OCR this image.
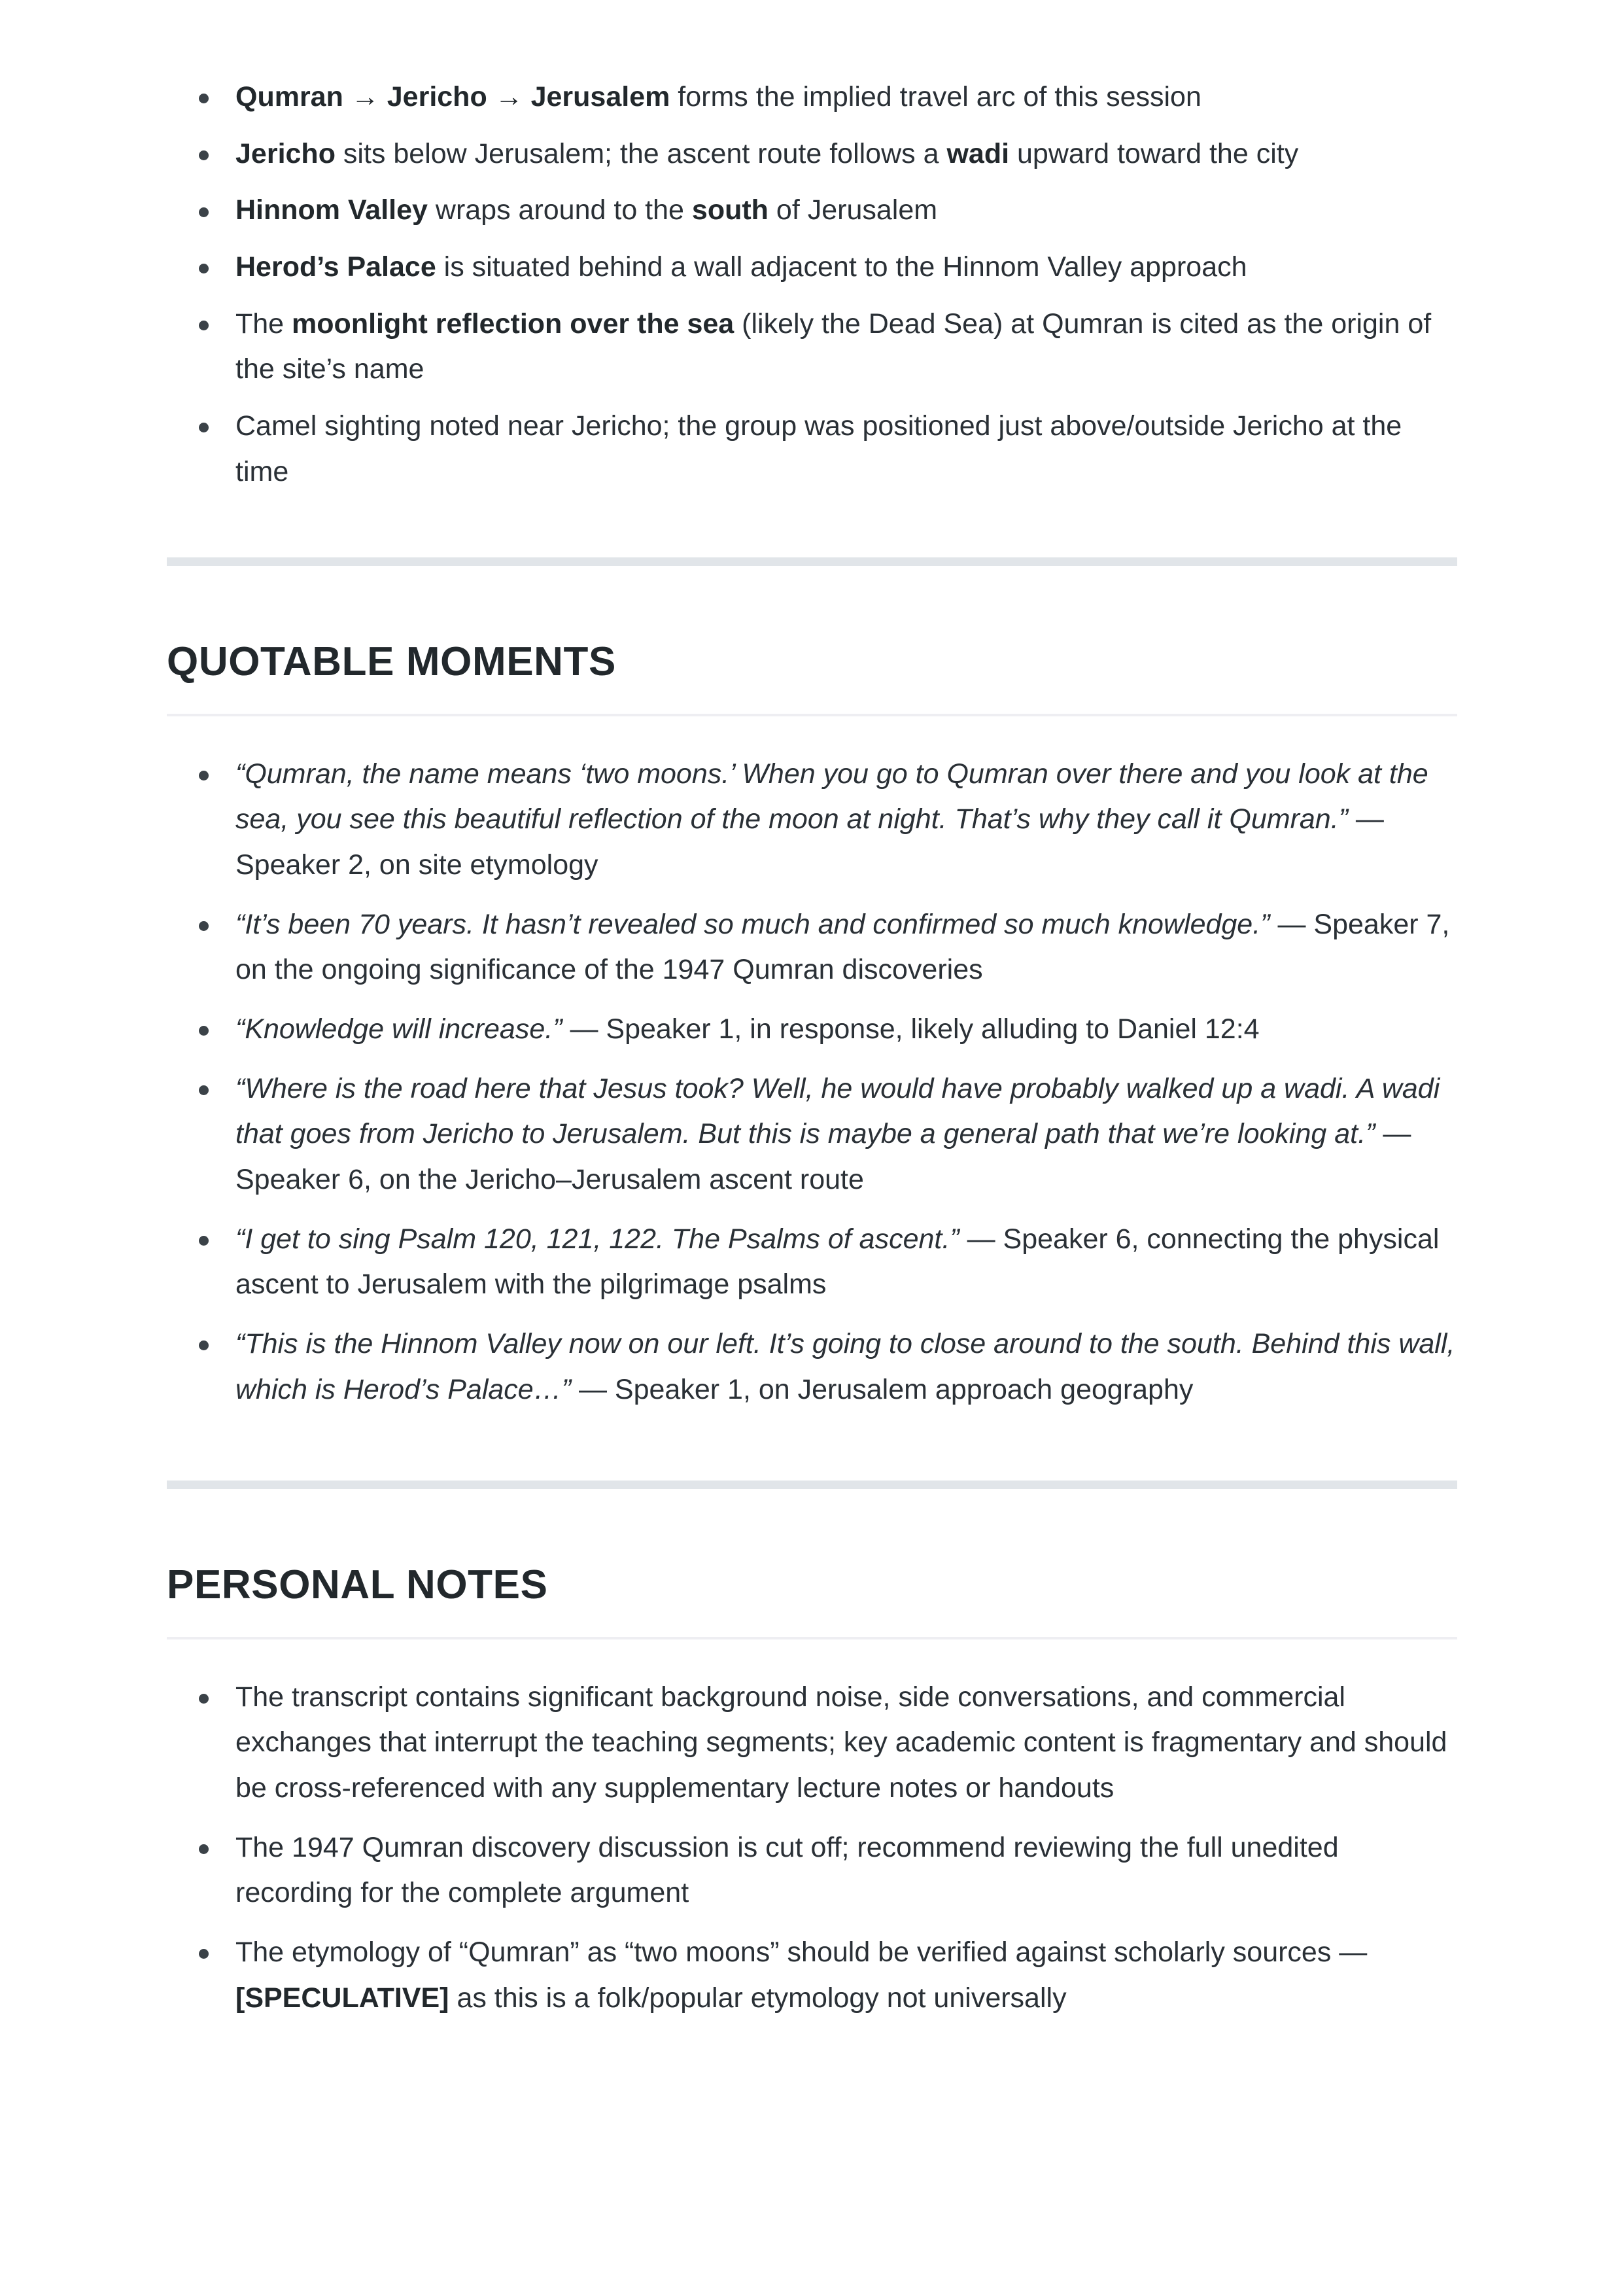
Qumran → Jericho → Jerusalem forms the implied travel arc of this session
Jericho sits below Jerusalem; the ascent route follows a wadi upward toward the city
Hinnom Valley wraps around to the south of Jerusalem
Herod’s Palace is situated behind a wall adjacent to the Hinnom Valley approach
The moonlight reflection over the sea (likely the Dead Sea) at Qumran is cited as the origin of the site’s name
Camel sighting noted near Jericho; the group was positioned just above/outside Jericho at the time
QUOTABLE MOMENTS
“Qumran, the name means ‘two moons.’ When you go to Qumran over there and you look at the sea, you see this beautiful reflection of the moon at night. That’s why they call it Qumran.” — Speaker 2, on site etymology
“It’s been 70 years. It hasn’t revealed so much and confirmed so much knowledge.” — Speaker 7, on the ongoing significance of the 1947 Qumran discoveries
“Knowledge will increase.” — Speaker 1, in response, likely alluding to Daniel 12:4
“Where is the road here that Jesus took? Well, he would have probably walked up a wadi. A wadi that goes from Jericho to Jerusalem. But this is maybe a general path that we’re looking at.” — Speaker 6, on the Jericho–Jerusalem ascent route
“I get to sing Psalm 120, 121, 122. The Psalms of ascent.” — Speaker 6, connecting the physical ascent to Jerusalem with the pilgrimage psalms
“This is the Hinnom Valley now on our left. It’s going to close around to the south. Behind this wall, which is Herod’s Palace…” — Speaker 1, on Jerusalem approach geography
PERSONAL NOTES
The transcript contains significant background noise, side conversations, and commercial exchanges that interrupt the teaching segments; key academic content is fragmentary and should be cross-referenced with any supplementary lecture notes or handouts
The 1947 Qumran discovery discussion is cut off; recommend reviewing the full unedited recording for the complete argument
The etymology of “Qumran” as “two moons” should be verified against scholarly sources — [SPECULATIVE] as this is a folk/popular etymology not universally
